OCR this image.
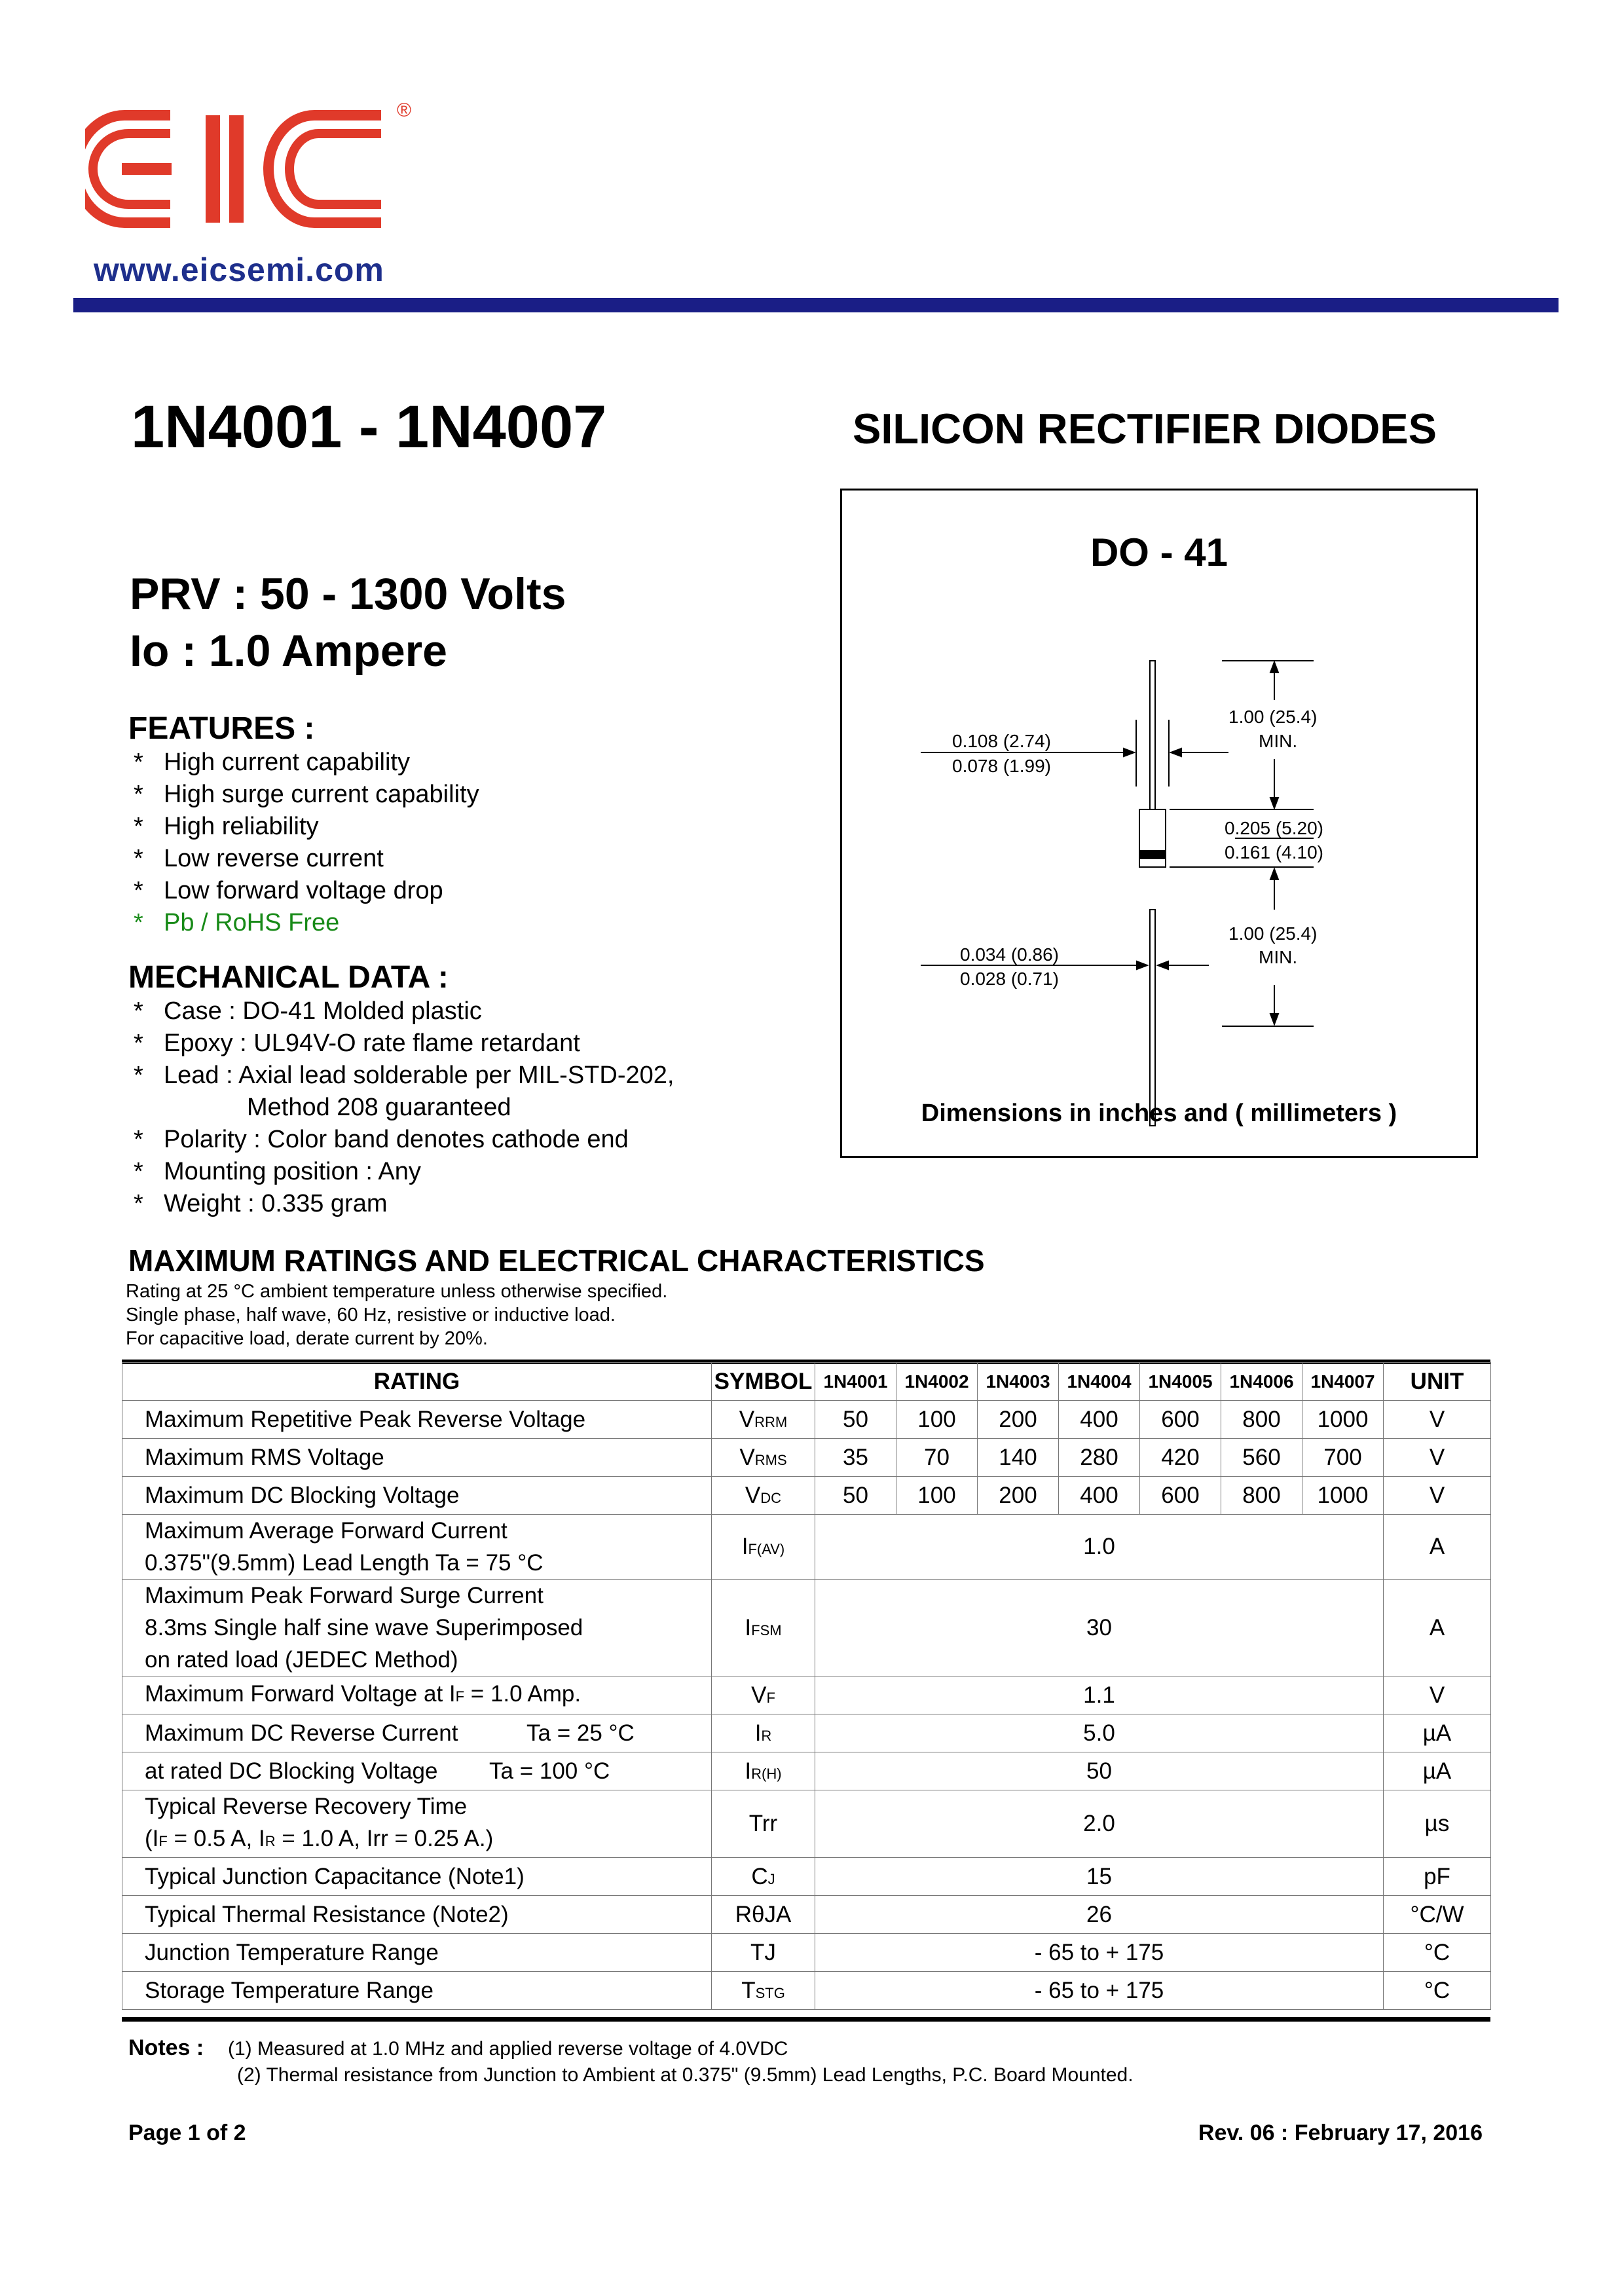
®
www.eicsemi.com
1N4001 - 1N4007	SILICON RECTIFIER DIODES
PRV : 50 - 1300 Volts
Io : 1.0 Ampere
FEATURES :
* High current capability
* High surge current capability
* High reliability
* Low reverse current
* Low forward voltage drop
* Pb / RoHS Free
MECHANICAL DATA :
* Case : DO-41 Molded plastic
* Epoxy : UL94V-O rate flame retardant
* Lead : Axial lead solderable per MIL-STD-202,
Method 208 guaranteed
* Polarity : Color band denotes cathode end
* Mounting position : Any
* Weight : 0.335 gram
0.108 (2.74)
0.078 (1.99)
1.00 (25.4)
MIN.
0.205 (5.20)
0.161 (4.10)
0.034 (0.86)
0.028 (0.71)
1.00 (25.4)
MIN.
DO - 41
Dimensions in inches and ( millimeters )
MAXIMUM RATINGS AND ELECTRICAL CHARACTERISTICS
Rating at 25 °C ambient temperature unless otherwise specified.
Single phase, half wave, 60 Hz, resistive or inductive load.
For capacitive load, derate current by 20%.
RATING	SYMBOL	1N4001	1N4002	1N4003	1N4004	1N4005	1N4006	1N4007	UNIT
Maximum Repetitive Peak Reverse Voltage	VRRM	50	100	200	400	600	800	1000	V
Maximum RMS Voltage	VRMS	35	70	140	280	420	560	700	V
Maximum DC Blocking Voltage	VDC	50	100	200	400	600	800	1000	V

Maximum Average Forward Current
0.375"(9.5mm) Lead Length Ta = 75 °C	IF(AV)	1.0							A

Maximum Peak Forward Surge Current
8.3ms Single half sine wave Superimposed
on rated load (JEDEC Method)	IFSM	30							A
Maximum Forward Voltage at IF = 1.0 Amp.	VF	1.1							V
Maximum DC Reverse Current Ta = 25 °C	IR	5.0							µA
at rated DC Blocking Voltage Ta = 100 °C	IR(H)	50							µA

Typical Reverse Recovery Time
(IF = 0.5 A, IR = 1.0 A, Irr = 0.25 A.)	Trr	2.0							µs
Typical Junction Capacitance (Note1)	CJ	15							pF
Typical Thermal Resistance (Note2)	RθJA	26							°C/W
Junction Temperature Range	TJ	- 65 to + 175							°C
Storage Temperature Range	TSTG	- 65 to + 175							°C
Notes : (1) Measured at 1.0 MHz and applied reverse voltage of 4.0VDC
(2) Thermal resistance from Junction to Ambient at 0.375" (9.5mm) Lead Lengths, P.C. Board Mounted.
Page 1 of 2	Rev. 06 : February 17, 2016
